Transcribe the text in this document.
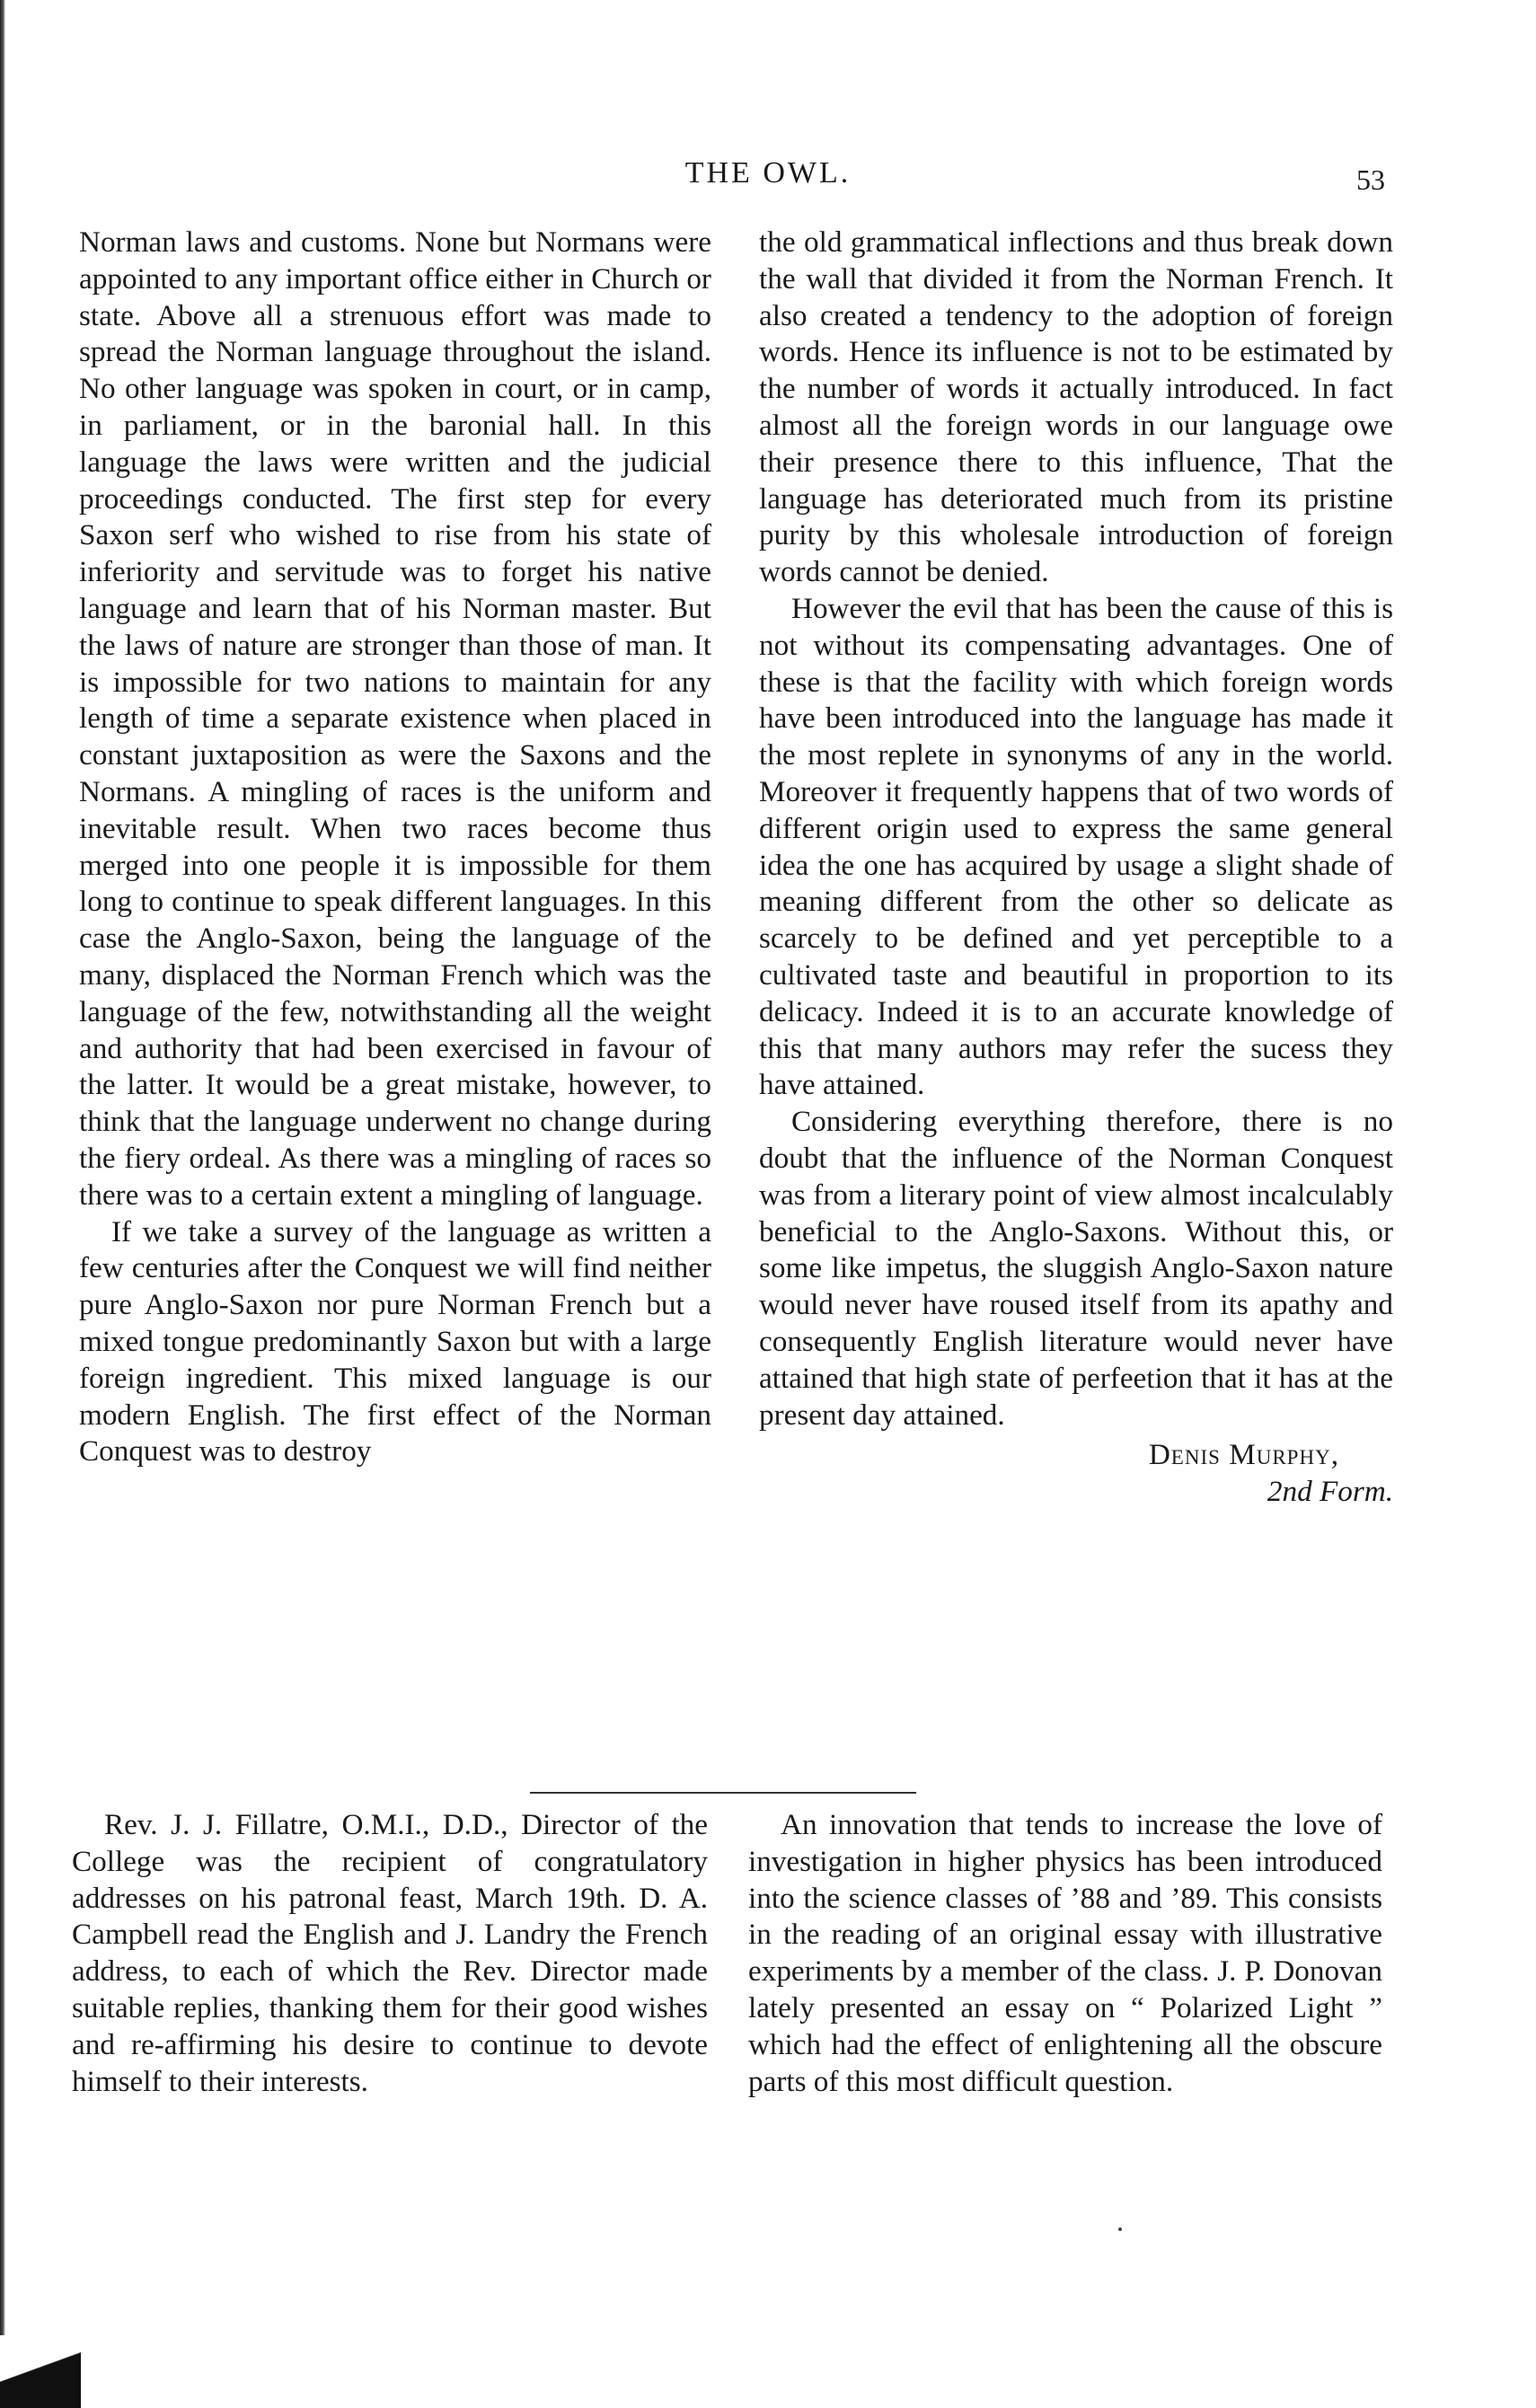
THE OWL.	53

Norman laws and customs. None but Normans were appointed to any important office either in Church or state. Above all a strenuous effort was made to spread the Norman language throughout the island. No other language was spoken in court, or in camp, in parliament, or in the baronial hall. In this language the laws were written and the judicial proceedings conducted. The first step for every Saxon serf who wished to rise from his state of inferiority and servitude was to forget his native language and learn that of his Norman master. But the laws of nature are stronger than those of man. It is impossible for two nations to maintain for any length of time a separate existence when placed in constant juxtaposition as were the Saxons and the Normans. A mingling of races is the uniform and inevitable result. When two races become thus merged into one people it is impossible for them long to continue to speak different languages. In this case the Anglo-Saxon, being the language of the many, displaced the Norman French which was the language of the few, notwithstanding all the weight and authority that had been exercised in favour of the latter. It would be a great mistake, however, to think that the language underwent no change during the fiery ordeal. As there was a mingling of races so there was to a certain extent a mingling of language.

If we take a survey of the language as written a few centuries after the Conquest we will find neither pure Anglo-Saxon nor pure Norman French but a mixed tongue predominantly Saxon but with a large foreign ingredient. This mixed language is our modern English. The first effect of the Norman Conquest was to destroy

the old grammatical inflections and thus break down the wall that divided it from the Norman French. It also created a tendency to the adoption of foreign words. Hence its influence is not to be estimated by the number of words it actually introduced. In fact almost all the foreign words in our language owe their presence there to this influence, That the language has deteriorated much from its pristine purity by this wholesale introduction of foreign words cannot be denied.

However the evil that has been the cause of this is not without its compensating advantages. One of these is that the facility with which foreign words have been introduced into the language has made it the most replete in synonyms of any in the world. Moreover it frequently happens that of two words of different origin used to express the same general idea the one has acquired by usage a slight shade of meaning different from the other so delicate as scarcely to be defined and yet perceptible to a cultivated taste and beautiful in proportion to its delicacy. Indeed it is to an accurate knowledge of this that many authors may refer the sucess they have attained.

Considering everything therefore, there is no doubt that the influence of the Norman Conquest was from a literary point of view almost incalculably beneficial to the Anglo-Saxons. Without this, or some like impetus, the sluggish Anglo-Saxon nature would never have roused itself from its apathy and consequently English literature would never have attained that high state of perfeetion that it has at the present day attained.

Denis Murphy,
2nd Form.

Rev. J. J. Fillatre, O.M.I., D.D., Director of the College was the recipient of congratulatory addresses on his patronal feast, March 19th. D. A. Campbell read the English and J. Landry the French address, to each of which the Rev. Director made suitable replies, thanking them for their good wishes and re-affirming his desire to continue to devote himself to their interests.

An innovation that tends to increase the love of investigation in higher physics has been introduced into the science classes of ’88 and ’89. This consists in the reading of an original essay with illustrative experiments by a member of the class. J. P. Donovan lately presented an essay on “ Polarized Light ” which had the effect of enlightening all the obscure parts of this most difficult question.
